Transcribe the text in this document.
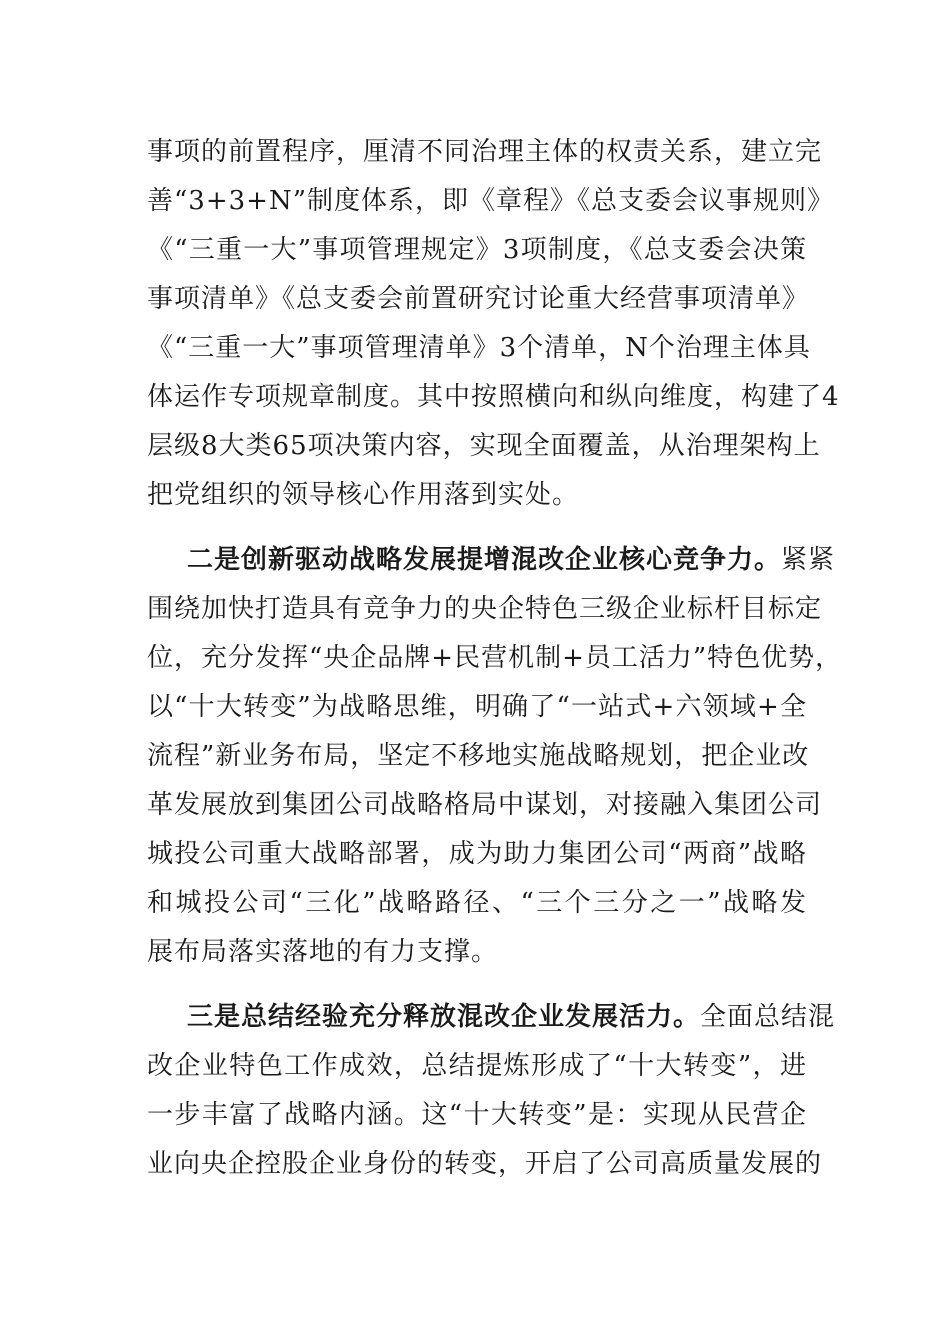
事项的前置程序，厘清不同治理主体的权责关系，建立完
善“3+3+N”制度体系，即《章程》《总支委会议事规则》
《“三重一大”事项管理规定》3项制度，《总支委会决策
事项清单》《总支委会前置研究讨论重大经营事项清单》
《“三重一大”事项管理清单》3个清单，N个治理主体具
体运作专项规章制度。其中按照横向和纵向维度，构建了4
层级8大类65项决策内容，实现全面覆盖，从治理架构上
把党组织的领导核心作用落到实处。
二是创新驱动战略发展提增混改企业核心竞争力。紧紧
围绕加快打造具有竞争力的央企特色三级企业标杆目标定
位，充分发挥“央企品牌+民营机制+员工活力”特色优势，
以“十大转变”为战略思维，明确了“一站式+六领域+全
流程”新业务布局，坚定不移地实施战略规划，把企业改
革发展放到集团公司战略格局中谋划，对接融入集团公司
城投公司重大战略部署，成为助力集团公司“两商”战略
和城投公司“三化”战略路径、“三个三分之一”战略发
展布局落实落地的有力支撑。
三是总结经验充分释放混改企业发展活力。全面总结混
改企业特色工作成效，总结提炼形成了“十大转变”，进
一步丰富了战略内涵。这“十大转变”是：实现从民营企
业向央企控股企业身份的转变，开启了公司高质量发展的
